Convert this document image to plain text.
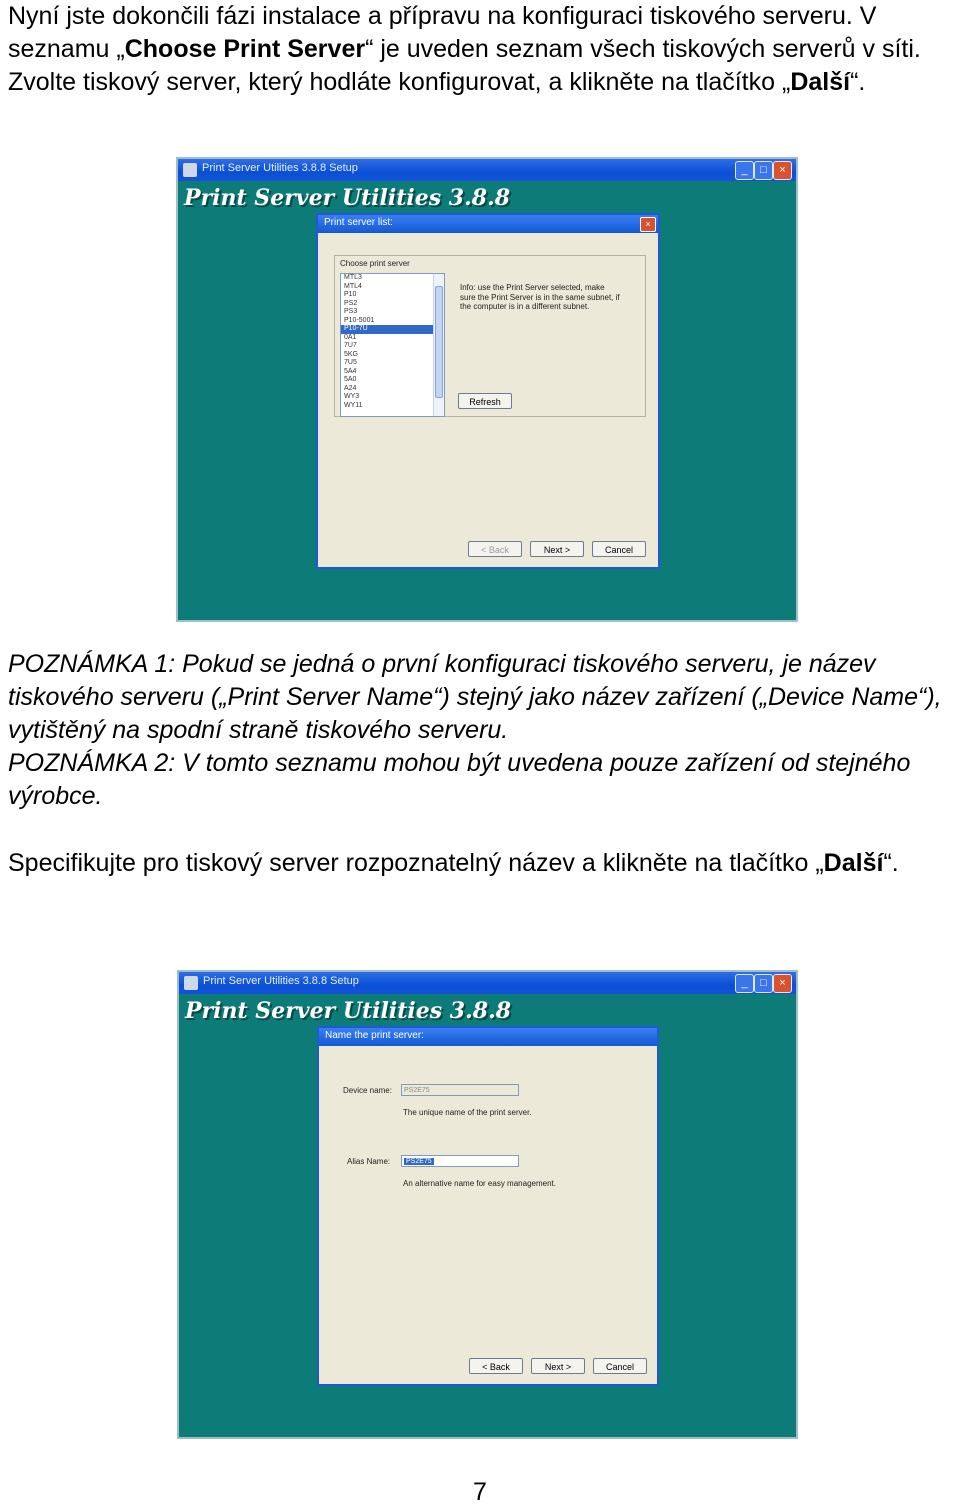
Nyní jste dokončili fázi instalace a přípravu na konfiguraci tiskového serveru. V seznamu „Choose Print Server“ je uveden seznam všech tiskových serverů v síti. Zvolte tiskový server, který hodláte konfigurovat, a klikněte na tlačítko „Další“.

Print Server Utilities 3.8.8 Setup	_	□	×
Print Server Utilities 3.8.8
Print server list:	×
Choose print server
MTL3
MTL4
P10
PS2
PS3
P10-5001
P10-7U
0A1
7U7
5KG
7U5
5A4
5A0
A24
WY3
WY11
Info: use the Print Server selected, make sure the Print Server is in the same subnet, if the computer is in a different subnet.
Refresh
< Back	Next >	Cancel

POZNÁMKA 1: Pokud se jedná o první konfiguraci tiskového serveru, je název tiskového serveru („Print Server Name“) stejný jako název zařízení („Device Name“), vytištěný na spodní straně tiskového serveru.

POZNÁMKA 2: V tomto seznamu mohou být uvedena pouze zařízení od stejného výrobce.

Specifikujte pro tiskový server rozpoznatelný název a klikněte na tlačítko „Další“.

Print Server Utilities 3.8.8 Setup	_	□	×
Print Server Utilities 3.8.8
Name the print server:
Device name:	PS2E75
The unique name of the print server.
Alias Name:	PS2E75
An alternative name for easy management.
< Back	Next >	Cancel
7
